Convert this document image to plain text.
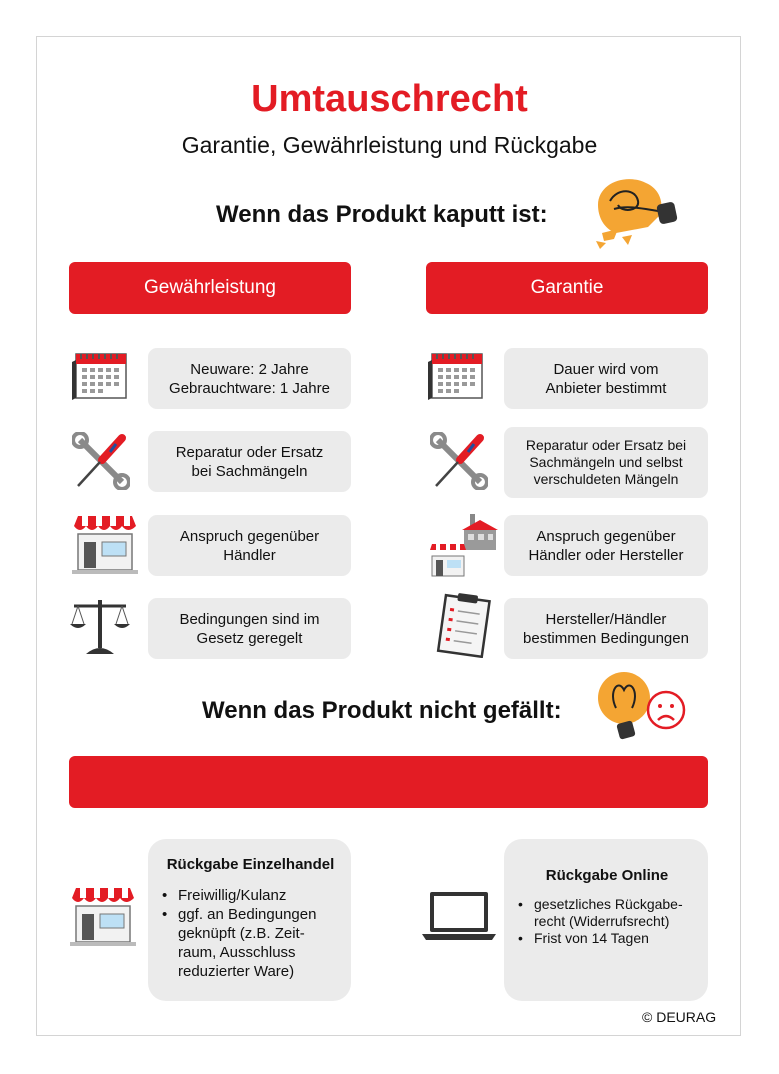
Umtauschrecht
Garantie, Gewährleistung und Rückgabe
Wenn das Produkt kaputt ist:
Gewährleistung	Garantie
Neuware: 2 Jahre
Gebrauchtware: 1 Jahre
Reparatur oder Ersatz
bei Sachmängeln
Anspruch gegenüber
Händler
Bedingungen sind im
Gesetz geregelt
Dauer wird vom
Anbieter bestimmt
Reparatur oder Ersatz bei
Sachmängeln und selbst
verschuldeten Mängeln
Anspruch gegenüber
Händler oder Hersteller
Hersteller/Händler
bestimmen Bedingungen
Wenn das Produkt nicht gefällt:
Rückgabe Einzelhandel
• Freiwillig/Kulanz
• ggf. an Bedingungen
geknüpft (z.B. Zeit-
raum, Ausschluss
reduzierter Ware)
Rückgabe Online
• gesetzliches Rückgabe-
recht (Widerrufsrecht)
• Frist von 14 Tagen
© DEURAG
